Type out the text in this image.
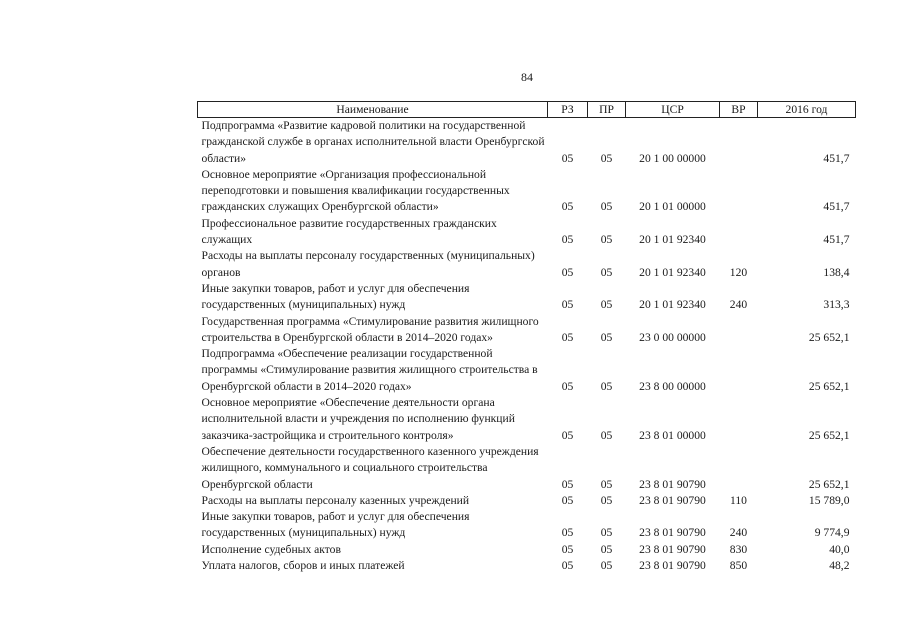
84
Наименование	РЗ	ПР	ЦСР	ВР	2016 год
Подпрограмма «Развитие кадровой политики на государственной гражданской службе в органах исполнительной власти Оренбургской области»	05	05	20 1 00 00000		451,7
Основное мероприятие «Организация профессиональной переподготовки и повышения квалификации государственных гражданских служащих Оренбургской области»	05	05	20 1 01 00000		451,7
Профессиональное развитие государственных гражданских служащих	05	05	20 1 01 92340		451,7
Расходы на выплаты персоналу государственных (муниципальных) органов	05	05	20 1 01 92340	120	138,4
Иные закупки товаров, работ и услуг для обеспечения государственных (муниципальных) нужд	05	05	20 1 01 92340	240	313,3
Государственная программа «Стимулирование развития жилищного строительства в Оренбургской области в 2014–2020 годах»	05	05	23 0 00 00000		25 652,1
Подпрограмма «Обеспечение реализации государственной программы «Стимулирование развития жилищного строительства в Оренбургской области в 2014–2020 годах»	05	05	23 8 00 00000		25 652,1
Основное мероприятие «Обеспечение деятельности органа исполнительной власти и учреждения по исполнению функций заказчика-застройщика и строительного контроля»	05	05	23 8 01 00000		25 652,1
Обеспечение деятельности государственного казенного учреждения жилищного, коммунального и социального строительства Оренбургской области	05	05	23 8 01 90790		25 652,1
Расходы на выплаты персоналу казенных учреждений	05	05	23 8 01 90790	110	15 789,0
Иные закупки товаров, работ и услуг для обеспечения государственных (муниципальных) нужд	05	05	23 8 01 90790	240	9 774,9
Исполнение судебных актов	05	05	23 8 01 90790	830	40,0
Уплата налогов, сборов и иных платежей	05	05	23 8 01 90790	850	48,2
